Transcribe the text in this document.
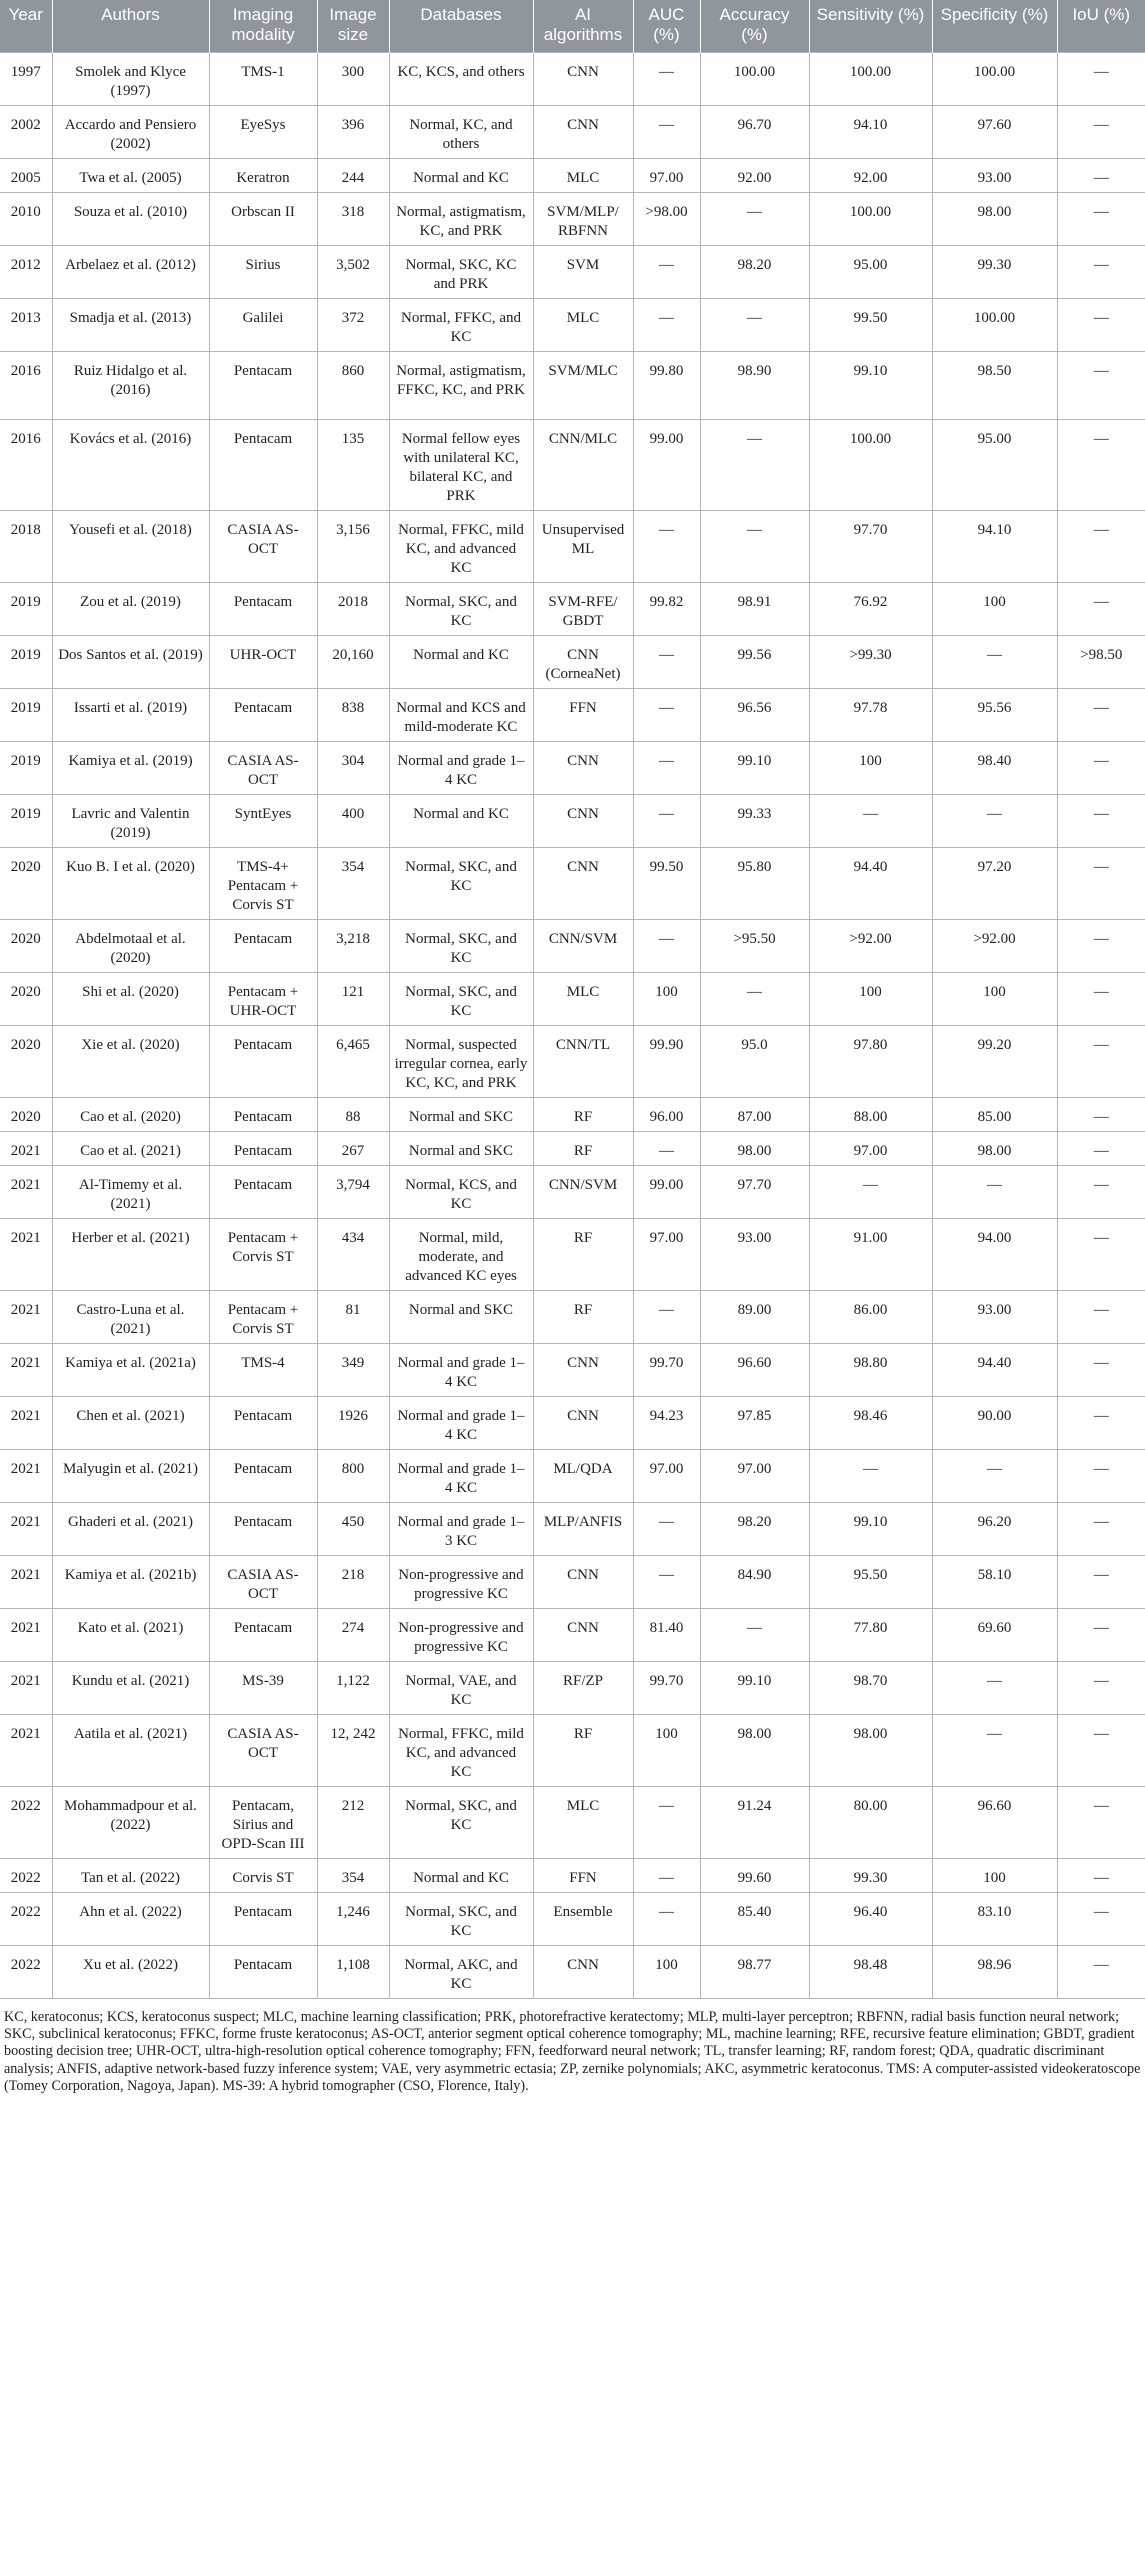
Year	Authors	Imaging modality	Image size	Databases	AI algorithms	AUC (%)	Accuracy (%)	Sensitivity (%)	Specificity (%)	IoU (%)
1997	Smolek and Klyce (1997)	TMS-1	300	KC, KCS, and others	CNN	—	100.00	100.00	100.00	—
2002	Accardo and Pensiero (2002)	EyeSys	396	Normal, KC, and others	CNN	—	96.70	94.10	97.60	—
2005	Twa et al. (2005)	Keratron	244	Normal and KC	MLC	97.00	92.00	92.00	93.00	—
2010	Souza et al. (2010)	Orbscan II	318	Normal, astigmatism, KC, and PRK	SVM/MLP/ RBFNN	>98.00	—	100.00	98.00	—
2012	Arbelaez et al. (2012)	Sirius	3,502	Normal, SKC, KC and PRK	SVM	—	98.20	95.00	99.30	—
2013	Smadja et al. (2013)	Galilei	372	Normal, FFKC, and KC	MLC	—	—	99.50	100.00	—
2016	Ruiz Hidalgo et al. (2016)	Pentacam	860	Normal, astigmatism, FFKC, KC, and PRK	SVM/MLC	99.80	98.90	99.10	98.50	—
2016	Kovács et al. (2016)	Pentacam	135	Normal fellow eyes with unilateral KC, bilateral KC, and PRK	CNN/MLC	99.00	—	100.00	95.00	—
2018	Yousefi et al. (2018)	CASIA AS-OCT	3,156	Normal, FFKC, mild KC, and advanced KC	Unsupervised ML	—	—	97.70	94.10	—
2019	Zou et al. (2019)	Pentacam	2018	Normal, SKC, and KC	SVM-RFE/ GBDT	99.82	98.91	76.92	100	—
2019	Dos Santos et al. (2019)	UHR-OCT	20,160	Normal and KC	CNN (CorneaNet)	—	99.56	>99.30	—	>98.50
2019	Issarti et al. (2019)	Pentacam	838	Normal and KCS and mild-moderate KC	FFN	—	96.56	97.78	95.56	—
2019	Kamiya et al. (2019)	CASIA AS-OCT	304	Normal and grade 1–4 KC	CNN	—	99.10	100	98.40	—
2019	Lavric and Valentin (2019)	SyntEyes	400	Normal and KC	CNN	—	99.33	—	—	—
2020	Kuo B. I et al. (2020)	TMS-4+ Pentacam + Corvis ST	354	Normal, SKC, and KC	CNN	99.50	95.80	94.40	97.20	—
2020	Abdelmotaal et al. (2020)	Pentacam	3,218	Normal, SKC, and KC	CNN/SVM	—	>95.50	>92.00	>92.00	—
2020	Shi et al. (2020)	Pentacam + UHR-OCT	121	Normal, SKC, and KC	MLC	100	—	100	100	—
2020	Xie et al. (2020)	Pentacam	6,465	Normal, suspected irregular cornea, early KC, KC, and PRK	CNN/TL	99.90	95.0	97.80	99.20	—
2020	Cao et al. (2020)	Pentacam	88	Normal and SKC	RF	96.00	87.00	88.00	85.00	—
2021	Cao et al. (2021)	Pentacam	267	Normal and SKC	RF	—	98.00	97.00	98.00	—
2021	Al-Timemy et al. (2021)	Pentacam	3,794	Normal, KCS, and KC	CNN/SVM	99.00	97.70	—	—	—
2021	Herber et al. (2021)	Pentacam + Corvis ST	434	Normal, mild, moderate, and advanced KC eyes	RF	97.00	93.00	91.00	94.00	—
2021	Castro-Luna et al. (2021)	Pentacam + Corvis ST	81	Normal and SKC	RF	—	89.00	86.00	93.00	—
2021	Kamiya et al. (2021a)	TMS-4	349	Normal and grade 1–4 KC	CNN	99.70	96.60	98.80	94.40	—
2021	Chen et al. (2021)	Pentacam	1926	Normal and grade 1–4 KC	CNN	94.23	97.85	98.46	90.00	—
2021	Malyugin et al. (2021)	Pentacam	800	Normal and grade 1–4 KC	ML/QDA	97.00	97.00	—	—	—
2021	Ghaderi et al. (2021)	Pentacam	450	Normal and grade 1–3 KC	MLP/ANFIS	—	98.20	99.10	96.20	—
2021	Kamiya et al. (2021b)	CASIA AS-OCT	218	Non-progressive and progressive KC	CNN	—	84.90	95.50	58.10	—
2021	Kato et al. (2021)	Pentacam	274	Non-progressive and progressive KC	CNN	81.40	—	77.80	69.60	—
2021	Kundu et al. (2021)	MS-39	1,122	Normal, VAE, and KC	RF/ZP	99.70	99.10	98.70	—	—
2021	Aatila et al. (2021)	CASIA AS-OCT	12, 242	Normal, FFKC, mild KC, and advanced KC	RF	100	98.00	98.00	—	—
2022	Mohammadpour et al. (2022)	Pentacam, Sirius and OPD-Scan III	212	Normal, SKC, and KC	MLC	—	91.24	80.00	96.60	—
2022	Tan et al. (2022)	Corvis ST	354	Normal and KC	FFN	—	99.60	99.30	100	—
2022	Ahn et al. (2022)	Pentacam	1,246	Normal, SKC, and KC	Ensemble	—	85.40	96.40	83.10	—
2022	Xu et al. (2022)	Pentacam	1,108	Normal, AKC, and KC	CNN	100	98.77	98.48	98.96	—
KC, keratoconus; KCS, keratoconus suspect; MLC, machine learning classification; PRK, photorefractive keratectomy; MLP, multi-layer perceptron; RBFNN, radial basis function neural network; SKC, subclinical keratoconus; FFKC, forme fruste keratoconus; AS-OCT, anterior segment optical coherence tomography; ML, machine learning; RFE, recursive feature elimination; GBDT, gradient boosting decision tree; UHR-OCT, ultra-high-resolution optical coherence tomography; FFN, feedforward neural network; TL, transfer learning; RF, random forest; QDA, quadratic discriminant analysis; ANFIS, adaptive network-based fuzzy inference system; VAE, very asymmetric ectasia; ZP, zernike polynomials; AKC, asymmetric keratoconus. TMS: A computer-assisted videokeratoscope (Tomey Corporation, Nagoya, Japan). MS-39: A hybrid tomographer (CSO, Florence, Italy).
